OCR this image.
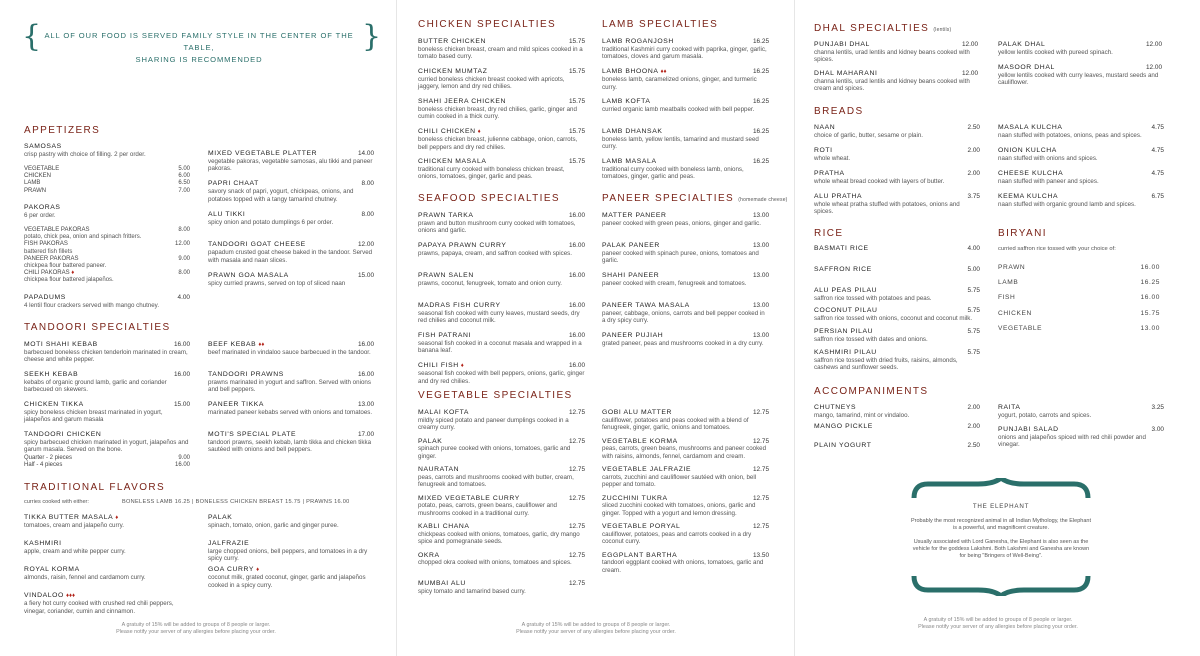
{	}
ALL OF OUR FOOD IS SERVED FAMILY STYLE IN THE CENTER OF THE TABLE,
SHARING IS RECOMMENDED
APPETIZERS
SAMOSAS
crisp pastry with choice of filling. 2 per order.
VEGETABLE	5.00
CHICKEN	6.00
LAMB	6.50
PRAWN	7.00
PAKORAS
6 per order.
VEGETABLE PAKORAS	8.00
potato, chick pea, onion and spinach fritters.
FISH PAKORAS	12.00
battered fish fillets
PANEER PAKORAS	9.00
chickpea flour battered paneer.
CHILI PAKORAS ♦	8.00
chickpea flour battered jalapeños.
PAPADUMS
4 lentil flour crackers served with mango chutney.
4.00
MIXED VEGETABLE PLATTER
vegetable pakoras, vegetable samosas, alu tikki and paneer pakoras.
14.00
PAPRI CHAAT
savory snack of papri, yogurt, chickpeas, onions, and potatoes topped with a tangy tamarind chutney.
8.00
ALU TIKKI
spicy onion and potato dumplings 6 per order.
8.00
TANDOORI GOAT CHEESE
papadum crusted goat cheese baked in the tandoor. Served with masala and naan slices.
12.00
PRAWN GOA MASALA
spicy curried prawns, served on top of sliced naan
15.00
TANDOORI SPECIALTIES
MOTI SHAHI KEBAB
barbecued boneless chicken tenderloin marinated in cream, cheese and white pepper.
16.00
SEEKH KEBAB
kebabs of organic ground lamb, garlic and coriander barbecued on skewers.
16.00
CHICKEN TIKKA
spicy boneless chicken breast marinated in yogurt, jalapeños and garum masala
15.00
TANDOORI CHICKEN
spicy barbecued chicken marinated in yogurt, jalapeños and garum masala. Served on the bone.
Quarter - 2 pieces	9.00
Half - 4 pieces	16.00
BEEF KEBAB ♦♦

beef marinated in vindaloo sauce barbecued in the tandoor.
16.00
TANDOORI PRAWNS
prawns marinated in yogurt and saffron. Served with onions and bell peppers.
16.00
PANEER TIKKA
marinated paneer kebabs served with onions and tomatoes.
13.00
MOTI'S SPECIAL PLATE
tandoori prawns, seekh kebab, lamb tikka and chicken tikka sautéed with onions and bell peppers.
17.00
TRADITIONAL FLAVORS
curries cooked with either:	BONELESS LAMB 16.25 | BONELESS CHICKEN BREAST 15.75 | PRAWNS 16.00
TIKKA BUTTER MASALA ♦

tomatoes, cream and jalapeño curry.
KASHMIRI
apple, cream and white pepper curry.
ROYAL KORMA
almonds, raisin, fennel and cardamom curry.
VINDALOO ♦♦♦

a fiery hot curry cooked with crushed red chili peppers, vinegar, coriander, cumin and cinnamon.
PALAK
spinach, tomato, onion, garlic and ginger puree.
JALFRAZIE
large chopped onions, bell peppers, and tomatoes in a dry spicy curry.
GOA CURRY ♦

coconut milk, grated coconut, ginger, garlic and jalapeños cooked in a spicy curry.
A gratuity of 15% will be added to groups of 8 people or larger.
Please notify your server of any allergies before placing your order.
CHICKEN SPECIALTIES
BUTTER CHICKEN
boneless chicken breast, cream and mild spices cooked in a tomato based curry.
15.75
CHICKEN MUMTAZ
curried boneless chicken breast cooked with apricots, jaggery, lemon and dry red chilies.
15.75
SHAHI JEERA CHICKEN
boneless chicken breast, dry red chilies, garlic, ginger and cumin cooked in a thick curry.
15.75
CHILI CHICKEN ♦

boneless chicken breast, julienne cabbage, onion, carrots, bell peppers and dry red chilies.
15.75
CHICKEN MASALA
traditional curry cooked with boneless chicken breast, onions, tomatoes, ginger, garlic and peas.
15.75
LAMB SPECIALTIES
LAMB ROGANJOSH
traditional Kashmiri curry cooked with paprika, ginger, garlic, tomatoes, cloves and garum masala.
16.25
LAMB BHOONA ♦♦

boneless lamb, caramelized onions, ginger, and turmeric curry.
16.25
LAMB KOFTA
curried organic lamb meatballs cooked with bell pepper.
16.25
LAMB DHANSAK
boneless lamb, yellow lentils, tamarind and mustard seed curry.
16.25
LAMB MASALA
traditional curry cooked with boneless lamb, onions, tomatoes, ginger, garlic and peas.
16.25
SEAFOOD SPECIALTIES
PRAWN TARKA
prawn and button mushroom curry cooked with tomatoes, onions and garlic.
16.00
PAPAYA PRAWN CURRY
prawns, papaya, cream, and saffron cooked with spices.
16.00
PRAWN SALEN
prawns, coconut, fenugreek, tomato and onion curry.
16.00
MADRAS FISH CURRY
seasonal fish cooked with curry leaves, mustard seeds, dry red chilies and coconut milk.
16.00
FISH PATRANI
seasonal fish cooked in a coconut masala and wrapped in a banana leaf.
16.00
CHILI FISH ♦

seasonal fish cooked with bell peppers, onions, garlic, ginger and dry red chilies.
16.00
PANEER SPECIALTIES (homemade cheese)
MATTER PANEER
paneer cooked with green peas, onions, ginger and garlic.
13.00
PALAK PANEER
paneer cooked with spinach puree, onions, tomatoes and garlic.
13.00
SHAHI PANEER
paneer cooked with cream, fenugreek and tomatoes.
13.00
PANEER TAWA MASALA
paneer, cabbage, onions, carrots and bell pepper cooked in a dry spicy curry.
13.00
PANEER PUJIAH
grated paneer, peas and mushrooms cooked in a dry curry.
13.00
VEGETABLE SPECIALTIES
MALAI KOFTA
mildly spiced potato and paneer dumplings cooked in a creamy curry.
12.75
PALAK
spinach puree cooked with onions, tomatoes, garlic and ginger.
12.75
NAURATAN
peas, carrots and mushrooms cooked with butter, cream, fenugreek and tomatoes.
12.75
MIXED VEGETABLE CURRY
potato, peas, carrots, green beans, cauliflower and mushrooms cooked in a traditional curry.
12.75
KABLI CHANA
chickpeas cooked with onions, tomatoes, garlic, dry mango spice and pomegranate seeds.
12.75
OKRA
chopped okra cooked with onions, tomatoes and spices.
12.75
MUMBAI ALU
spicy tomato and tamarind based curry.
12.75
GOBI ALU MATTER
cauliflower, potatoes and peas cooked with a blend of fenugreek, ginger, garlic, onions and tomatoes.
12.75
VEGETABLE KORMA
peas, carrots, green beans, mushrooms and paneer cooked with raisins, almonds, fennel, cardamom and cream.
12.75
VEGETABLE JALFRAZIE
carrots, zucchini and cauliflower sautéed with onion, bell pepper and tomato.
12.75
ZUCCHINI TUKRA
sliced zucchini cooked with tomatoes, onions, garlic and ginger. Topped with a yogurt and lemon dressing.
12.75
VEGETABLE PORYAL
cauliflower, potatoes, peas and carrots cooked in a dry coconut curry.
12.75
EGGPLANT BARTHA
tandoori eggplant cooked with onions, tomatoes, garlic and cream.
13.50
A gratuity of 15% will be added to groups of 8 people or larger.
Please notify your server of any allergies before placing your order.
DHAL SPECIALTIES (lentils)
PUNJABI DHAL
channa lentils, urad lentils and kidney beans cooked with spices.
12.00
DHAL MAHARANI
channa lentils, urad lentils and kidney beans cooked with cream and spices.
12.00
PALAK DHAL
yellow lentils cooked with pureed spinach.
12.00
MASOOR DHAL
yellow lentils cooked with curry leaves, mustard seeds and cauliflower.
12.00
BREADS
NAAN
choice of garlic, butter, sesame or plain.
2.50
ROTI
whole wheat.
2.00
PRATHA
whole wheat bread cooked with layers of butter.
2.00
ALU PRATHA
whole wheat pratha stuffed with potatoes, onions and spices.
3.75
MASALA KULCHA
naan stuffed with potatoes, onions, peas and spices.
4.75
ONION KULCHA
naan stuffed with onions and spices.
4.75
CHEESE KULCHA
naan stuffed with paneer and spices.
4.75
KEEMA KULCHA
naan stuffed with organic ground lamb and spices.
6.75
RICE
BASMATI RICE	4.00
SAFFRON RICE	5.00
ALU PEAS PILAU
saffron rice tossed with potatoes and peas.
5.75
COCONUT PILAU
saffron rice tossed with onions, coconut and coconut milk.
5.75
PERSIAN PILAU
saffron rice tossed with dates and onions.
5.75
KASHMIRI PILAU
saffron rice tossed with dried fruits, raisins, almonds, cashews and sunflower seeds.
5.75
BIRYANI
curried saffron rice tossed with your choice of:
PRAWN	16.00
LAMB	16.25
FISH	16.00
CHICKEN	15.75
VEGETABLE	13.00
ACCOMPANIMENTS
CHUTNEYS
mango, tamarind, mint or vindaloo.
2.00
MANGO PICKLE	2.00
PLAIN YOGURT	2.50
RAITA
yogurt, potato, carrots and spices.
3.25
PUNJABI SALAD
onions and jalapeños spiced with red chili powder and vinegar.
3.00
THE ELEPHANT
Probably the most recognized animal in all Indian Mythology, the Elephant is a powerful, and magnificent creature.
Usually associated with Lord Ganesha, the Elephant is also seen as the vehicle for the goddess Lakshmi. Both Lakshmi and Ganesha are known for being "Bringers of Well-Being".
A gratuity of 15% will be added to groups of 8 people or larger.
Please notify your server of any allergies before placing your order.
